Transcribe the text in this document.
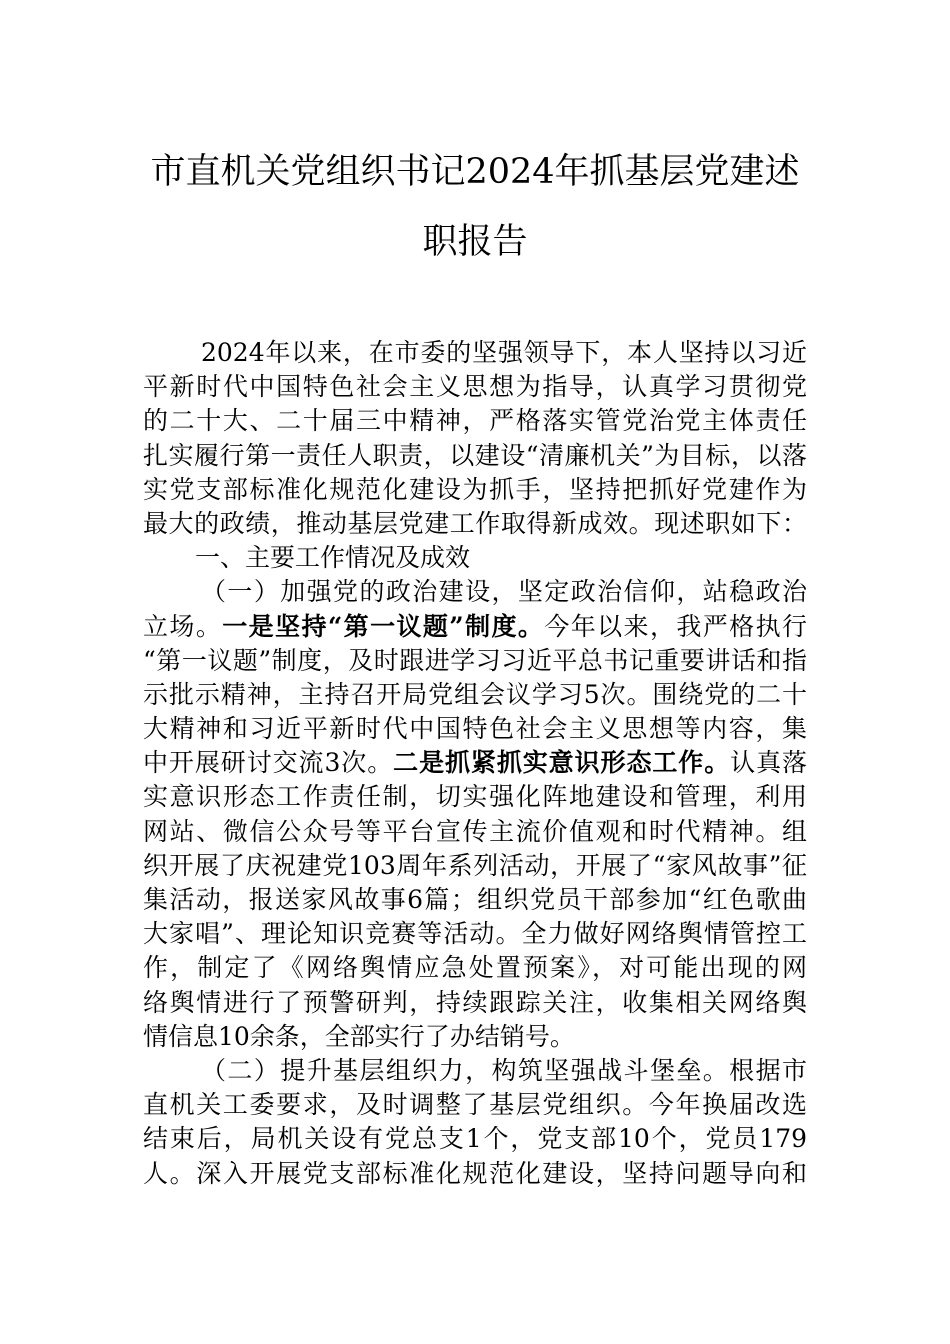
市直机关党组织书记2024年抓基层党建述
职报告
2024年以来，在市委的坚强领导下，本人坚持以习近
平新时代中国特色社会主义思想为指导，认真学习贯彻党
的二十大、二十届三中精神，严格落实管党治党主体责任
扎实履行第一责任人职责，以建设“清廉机关”为目标，以落
实党支部标准化规范化建设为抓手，坚持把抓好党建作为
最大的政绩，推动基层党建工作取得新成效。现述职如下：
一、主要工作情况及成效
（一）加强党的政治建设，坚定政治信仰，站稳政治
立场。一是坚持“第一议题”制度。今年以来，我严格执行
“第一议题”制度，及时跟进学习习近平总书记重要讲话和指
示批示精神，主持召开局党组会议学习5次。围绕党的二十
大精神和习近平新时代中国特色社会主义思想等内容，集
中开展研讨交流3次。二是抓紧抓实意识形态工作。认真落
实意识形态工作责任制，切实强化阵地建设和管理，利用
网站、微信公众号等平台宣传主流价值观和时代精神。组
织开展了庆祝建党103周年系列活动，开展了“家风故事”征
集活动，报送家风故事6篇；组织党员干部参加“红色歌曲
大家唱”、理论知识竞赛等活动。全力做好网络舆情管控工
作，制定了《网络舆情应急处置预案》，对可能出现的网
络舆情进行了预警研判，持续跟踪关注，收集相关网络舆
情信息10余条，全部实行了办结销号。
（二）提升基层组织力，构筑坚强战斗堡垒。根据市
直机关工委要求，及时调整了基层党组织。今年换届改选
结束后，局机关设有党总支1个，党支部10个，党员179
人。深入开展党支部标准化规范化建设，坚持问题导向和
